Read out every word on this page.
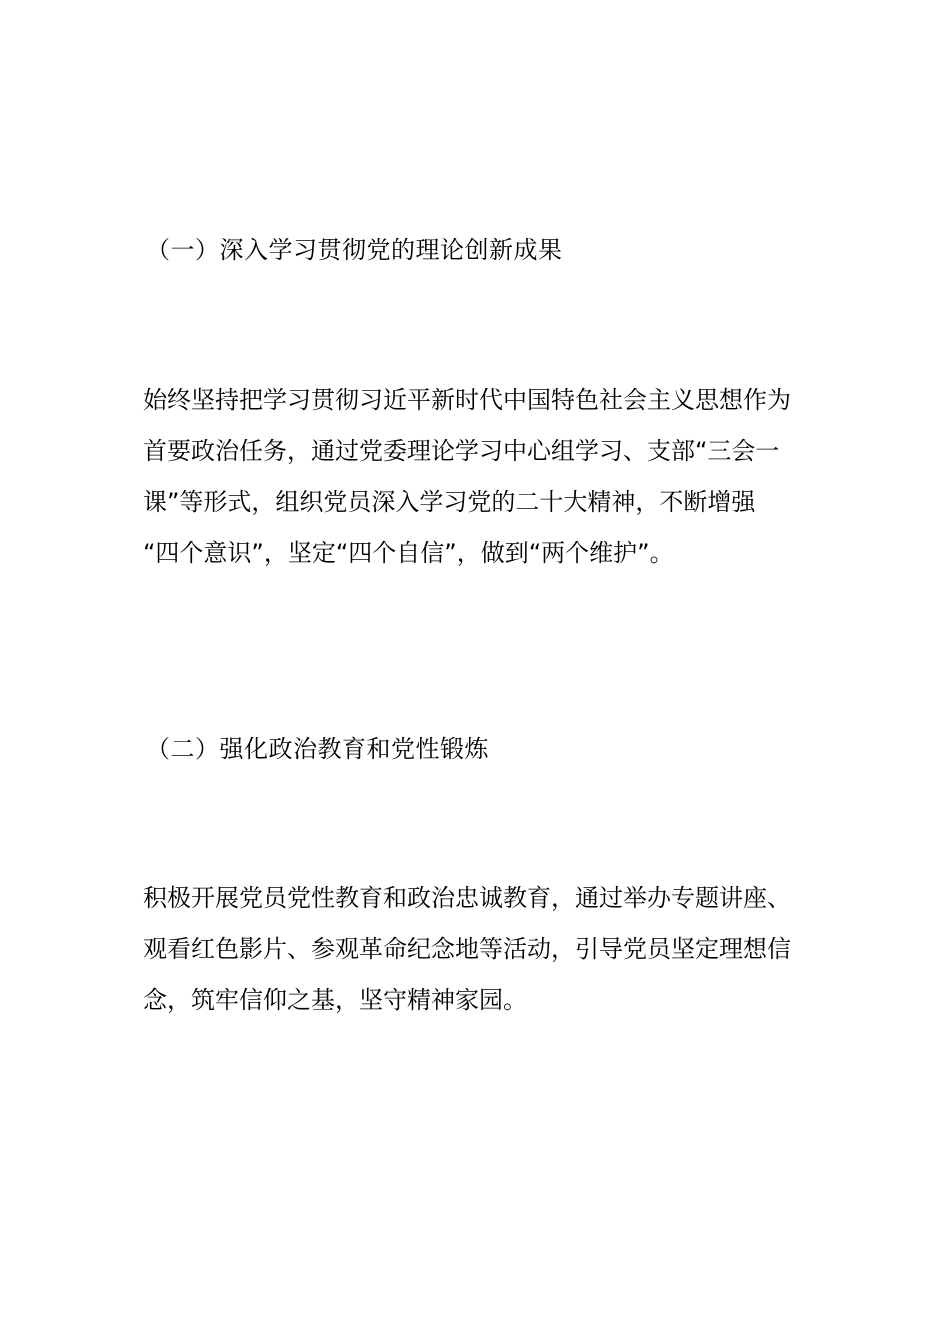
（一）深入学习贯彻党的理论创新成果
始终坚持把学习贯彻习近平新时代中国特色社会主义思想作为
首要政治任务，通过党委理论学习中心组学习、支部“三会一
课”等形式，组织党员深入学习党的二十大精神，不断增强
“四个意识”，坚定“四个自信”，做到“两个维护”。
（二）强化政治教育和党性锻炼
积极开展党员党性教育和政治忠诚教育，通过举办专题讲座、
观看红色影片、参观革命纪念地等活动，引导党员坚定理想信
念，筑牢信仰之基，坚守精神家园。
